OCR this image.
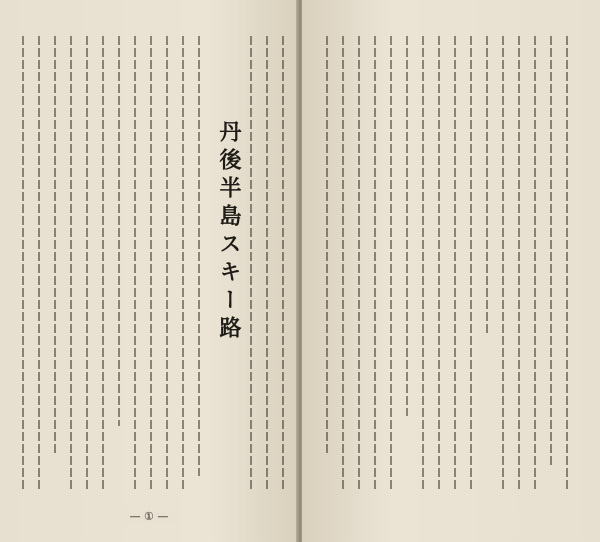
丹後半島スキー路
— ① —
